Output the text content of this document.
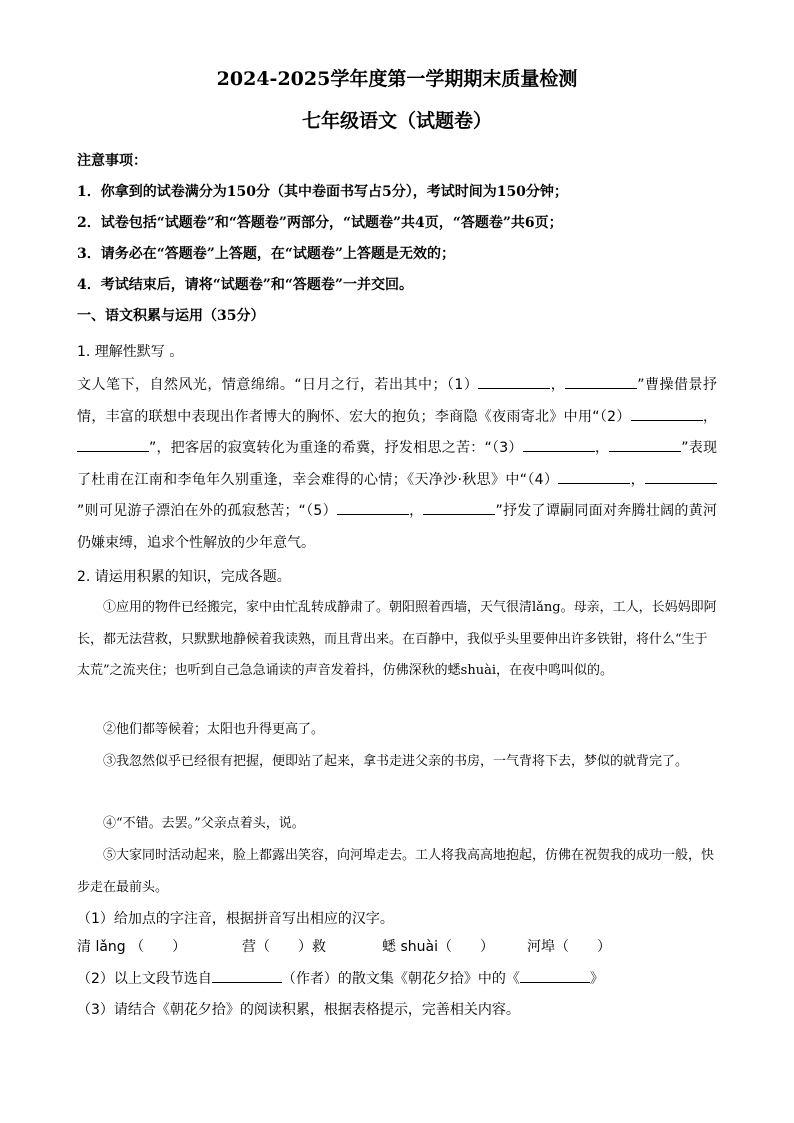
2024-2025学年度第一学期期末质量检测
七年级语文（试题卷）
注意事项：
1．你拿到的试卷满分为150分（其中卷面书写占5分），考试时间为150分钟；
2．试卷包括“试题卷”和“答题卷”两部分，“试题卷”共4页，“答题卷”共6页；
3．请务必在“答题卷”上答题，在“试题卷”上答题是无效的；
4．考试结束后，请将“试题卷”和“答题卷”一并交回。
一、语文积累与运用（35分）
1. 理解性默写 。
文人笔下，自然风光，情意绵绵。“日月之行，若出其中；（1）	，	”曹操借景抒情，丰富的联想中表现出作者博大的胸怀、宏大的抱负；李商隐《夜雨寄北》中用“（2）	，”，把客居的寂寞转化为重逢的希冀，抒发相思之苦：“（3）	，	”表现了杜甫在江南和李龟年久别重逢，幸会难得的心情；《天净沙·秋思》中“（4）	，”则可见游子漂泊在外的孤寂愁苦；“（5）	，	”抒发了谭嗣同面对奔腾壮阔的黄河仍嫌束缚，追求个性解放的少年意气。
2. 请运用积累的知识，完成各题。
①应用的物件已经搬完，家中由忙乱转成静肃了。朝阳照着西墙，天气很清lǎng。母亲，工人，长妈妈即阿长，都无法营救，只默默地静候着我读熟，而且背出来。在百静中，我似乎头里要伸出许多铁钳，将什么“生于太荒”之流夹住；也听到自己急急诵读的声音发着抖，仿佛深秋的蟋shuài，在夜中鸣叫似的。
②他们都等候着；太阳也升得更高了。
③我忽然似乎已经很有把握，便即站了起来，拿书走进父亲的书房，一气背将下去，梦似的就背完了。
④“不错。去罢。”父亲点着头，说。
⑤大家同时活动起来，脸上都露出笑容，向河埠走去。工人将我高高地抱起，仿佛在祝贺我的成功一般，快步走在最前头。
（1）给加点的字注音，根据拼音写出相应的汉字。
清 lǎng （　　）	营（　　）救	蟋 shuài（　　） 河埠（　　）
（2）以上文段节选自	（作者）的散文集《朝花夕拾》中的《	》
（3）请结合《朝花夕拾》的阅读积累，根据表格提示，完善相关内容。
